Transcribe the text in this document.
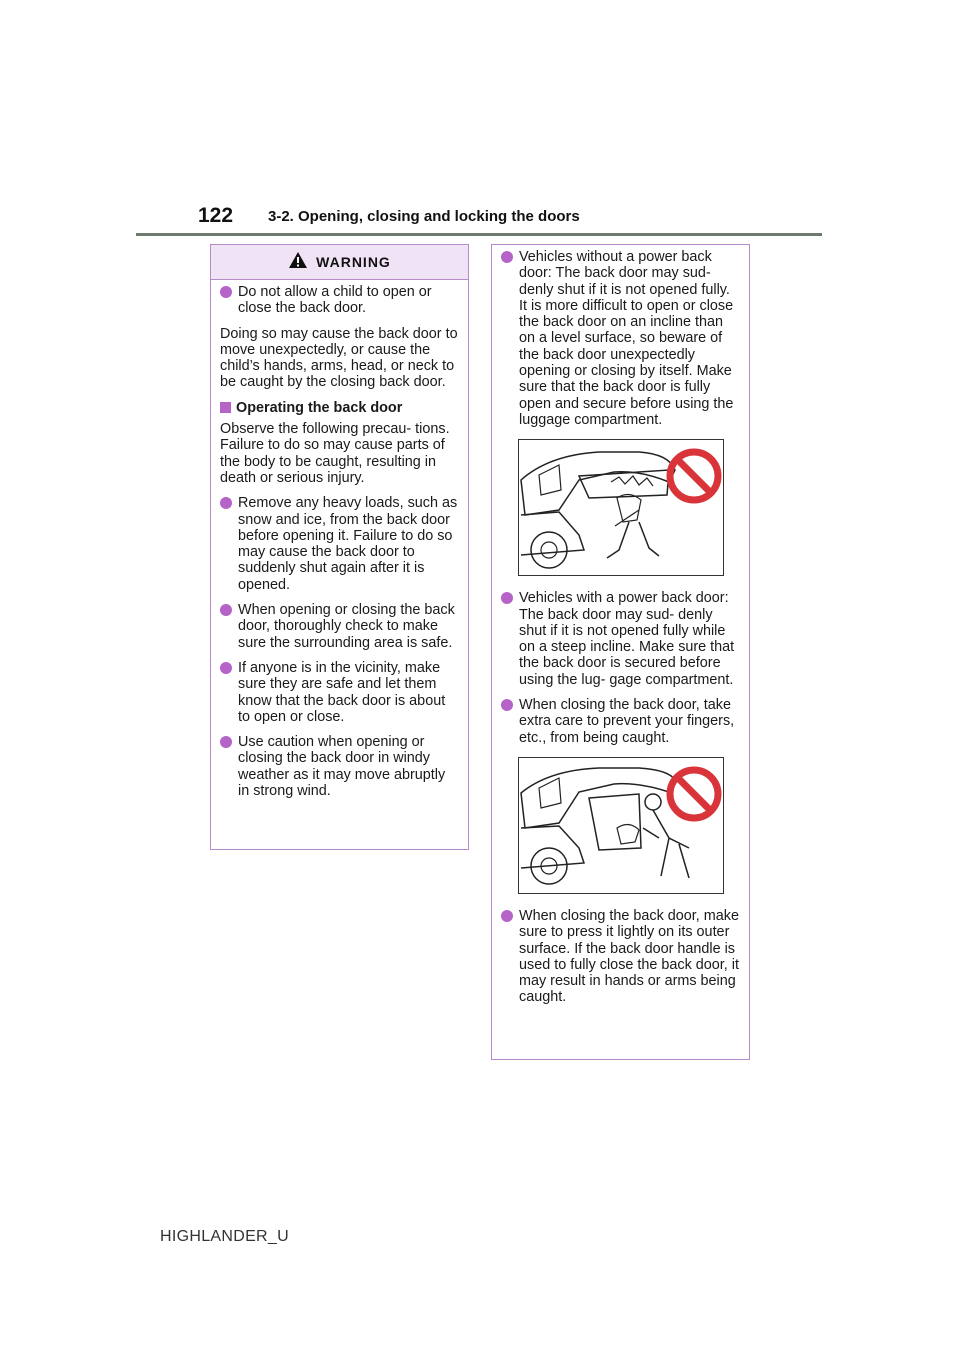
122 3-2. Opening, closing and locking the doors
WARNING
Do not allow a child to open or close the back door.
Doing so may cause the back door to move unexpectedly, or cause the child’s hands, arms, head, or neck to be caught by the closing back door.
Operating the back door
Observe the following precau- tions. Failure to do so may cause parts of the body to be caught, resulting in death or serious injury.
Remove any heavy loads, such as snow and ice, from the back door before opening it. Failure to do so may cause the back door to suddenly shut again after it is opened.
When opening or closing the back door, thoroughly check to make sure the surrounding area is safe.
If anyone is in the vicinity, make sure they are safe and let them know that the back door is about to open or close.
Use caution when opening or closing the back door in windy weather as it may move abruptly in strong wind.
Vehicles without a power back door: The back door may sud- denly shut if it is not opened fully. It is more difficult to open or close the back door on an incline than on a level surface, so beware of the back door unexpectedly opening or closing by itself. Make sure that the back door is fully open and secure before using the luggage compartment.
Vehicles with a power back door: The back door may sud- denly shut if it is not opened fully while on a steep incline. Make sure that the back door is secured before using the lug- gage compartment.
When closing the back door, take extra care to prevent your fingers, etc., from being caught.
When closing the back door, make sure to press it lightly on its outer surface. If the back door handle is used to fully close the back door, it may result in hands or arms being caught.
HIGHLANDER_U
